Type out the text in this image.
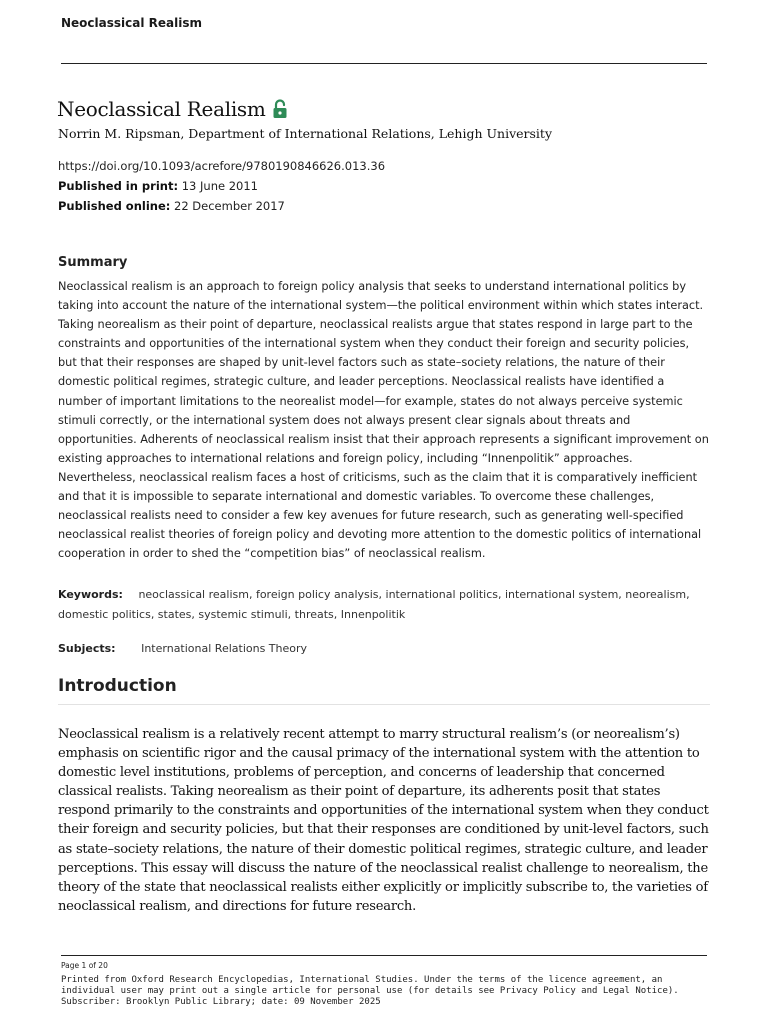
Neoclassical Realism
Neoclassical Realism
Norrin M. Ripsman, Department of International Relations, Lehigh University
https://doi.org/10.1093/acrefore/9780190846626.013.36
Published in print: 13 June 2011
Published online: 22 December 2017
Summary
Neoclassical realism is an approach to foreign policy analysis that seeks to understand international politics by taking into account the nature of the international system—the political environment within which states interact. Taking neorealism as their point of departure, neoclassical realists argue that states respond in large part to the constraints and opportunities of the international system when they conduct their foreign and security policies, but that their responses are shaped by unit-level factors such as state–society relations, the nature of their domestic political regimes, strategic culture, and leader perceptions. Neoclassical realists have identified a number of important limitations to the neorealist model—for example, states do not always perceive systemic stimuli correctly, or the international system does not always present clear signals about threats and opportunities. Adherents of neoclassical realism insist that their approach represents a significant improvement on existing approaches to international relations and foreign policy, including “Innenpolitik” approaches. Nevertheless, neoclassical realism faces a host of criticisms, such as the claim that it is comparatively inefficient and that it is impossible to separate international and domestic variables. To overcome these challenges, neoclassical realists need to consider a few key avenues for future research, such as generating well-specified neoclassical realist theories of foreign policy and devoting more attention to the domestic politics of international cooperation in order to shed the “competition bias” of neoclassical realism.
Keywords: neoclassical realism, foreign policy analysis, international politics, international system, neorealism, domestic politics, states, systemic stimuli, threats, Innenpolitik
Subjects: International Relations Theory
Introduction
Neoclassical realism is a relatively recent attempt to marry structural realism’s (or neorealism’s) emphasis on scientific rigor and the causal primacy of the international system with the attention to domestic level institutions, problems of perception, and concerns of leadership that concerned classical realists. Taking neorealism as their point of departure, its adherents posit that states respond primarily to the constraints and opportunities of the international system when they conduct their foreign and security policies, but that their responses are conditioned by unit-level factors, such as state–society relations, the nature of their domestic political regimes, strategic culture, and leader perceptions. This essay will discuss the nature of the neoclassical realist challenge to neorealism, the theory of the state that neoclassical realists either explicitly or implicitly subscribe to, the varieties of neoclassical realism, and directions for future research.
Page 1 of 20

Printed from Oxford Research Encyclopedias, International Studies. Under the terms of the licence agreement, an individual user may print out a single article for personal use (for details see Privacy Policy and Legal Notice).

Subscriber: Brooklyn Public Library; date: 09 November 2025
